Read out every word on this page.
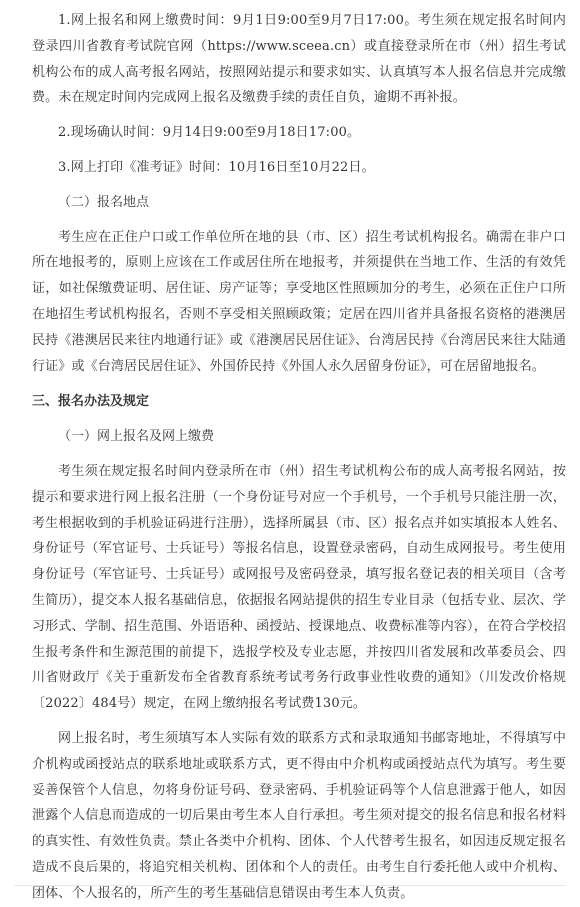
1.网上报名和网上缴费时间：9月1日9:00至9月7日17:00。考生须在规定报名时间内登录四川省教育考试院官网（https://www.sceea.cn）或直接登录所在市（州）招生考试机构公布的成人高考报名网站，按照网站提示和要求如实、认真填写本人报名信息并完成缴费。未在规定时间内完成网上报名及缴费手续的责任自负，逾期不再补报。

2.现场确认时间：9月14日9:00至9月18日17:00。

3.网上打印《准考证》时间：10月16日至10月22日。

（二）报名地点

考生应在正住户口或工作单位所在地的县（市、区）招生考试机构报名。确需在非户口所在地报考的，原则上应该在工作或居住所在地报考，并须提供在当地工作、生活的有效凭证，如社保缴费证明、居住证、房产证等；享受地区性照顾加分的考生，必须在正住户口所在地招生考试机构报名，否则不享受相关照顾政策；定居在四川省并具备报名资格的港澳居民持《港澳居民来往内地通行证》或《港澳居民居住证》、台湾居民持《台湾居民来往大陆通行证》或《台湾居民居住证》、外国侨民持《外国人永久居留身份证》，可在居留地报名。

三、报名办法及规定

（一）网上报名及网上缴费

考生须在规定报名时间内登录所在市（州）招生考试机构公布的成人高考报名网站，按提示和要求进行网上报名注册（一个身份证号对应一个手机号，一个手机号只能注册一次，考生根据收到的手机验证码进行注册），选择所属县（市、区）报名点并如实填报本人姓名、身份证号（军官证号、士兵证号）等报名信息，设置登录密码，自动生成网报号。考生使用身份证号（军官证号、士兵证号）或网报号及密码登录，填写报名登记表的相关项目（含考生简历），提交本人报名基础信息，依据报名网站提供的招生专业目录（包括专业、层次、学习形式、学制、招生范围、外语语种、函授站、授课地点、收费标准等内容），在符合学校招生报考条件和生源范围的前提下，选报学校及专业志愿，并按四川省发展和改革委员会、四川省财政厅《关于重新发布全省教育系统考试考务行政事业性收费的通知》（川发改价格规〔2022〕484号）规定，在网上缴纳报名考试费130元。

网上报名时，考生须填写本人实际有效的联系方式和录取通知书邮寄地址，不得填写中介机构或函授站点的联系地址或联系方式，更不得由中介机构或函授站点代为填写。考生要妥善保管个人信息，勿将身份证号码、登录密码、手机验证码等个人信息泄露于他人，如因泄露个人信息而造成的一切后果由考生本人自行承担。考生须对提交的报名信息和报名材料的真实性、有效性负责。禁止各类中介机构、团体、个人代替考生报名，如因违反规定报名造成不良后果的，将追究相关机构、团体和个人的责任。由考生自行委托他人或中介机构、团体、个人报名的，所产生的考生基础信息错误由考生本人负责。
